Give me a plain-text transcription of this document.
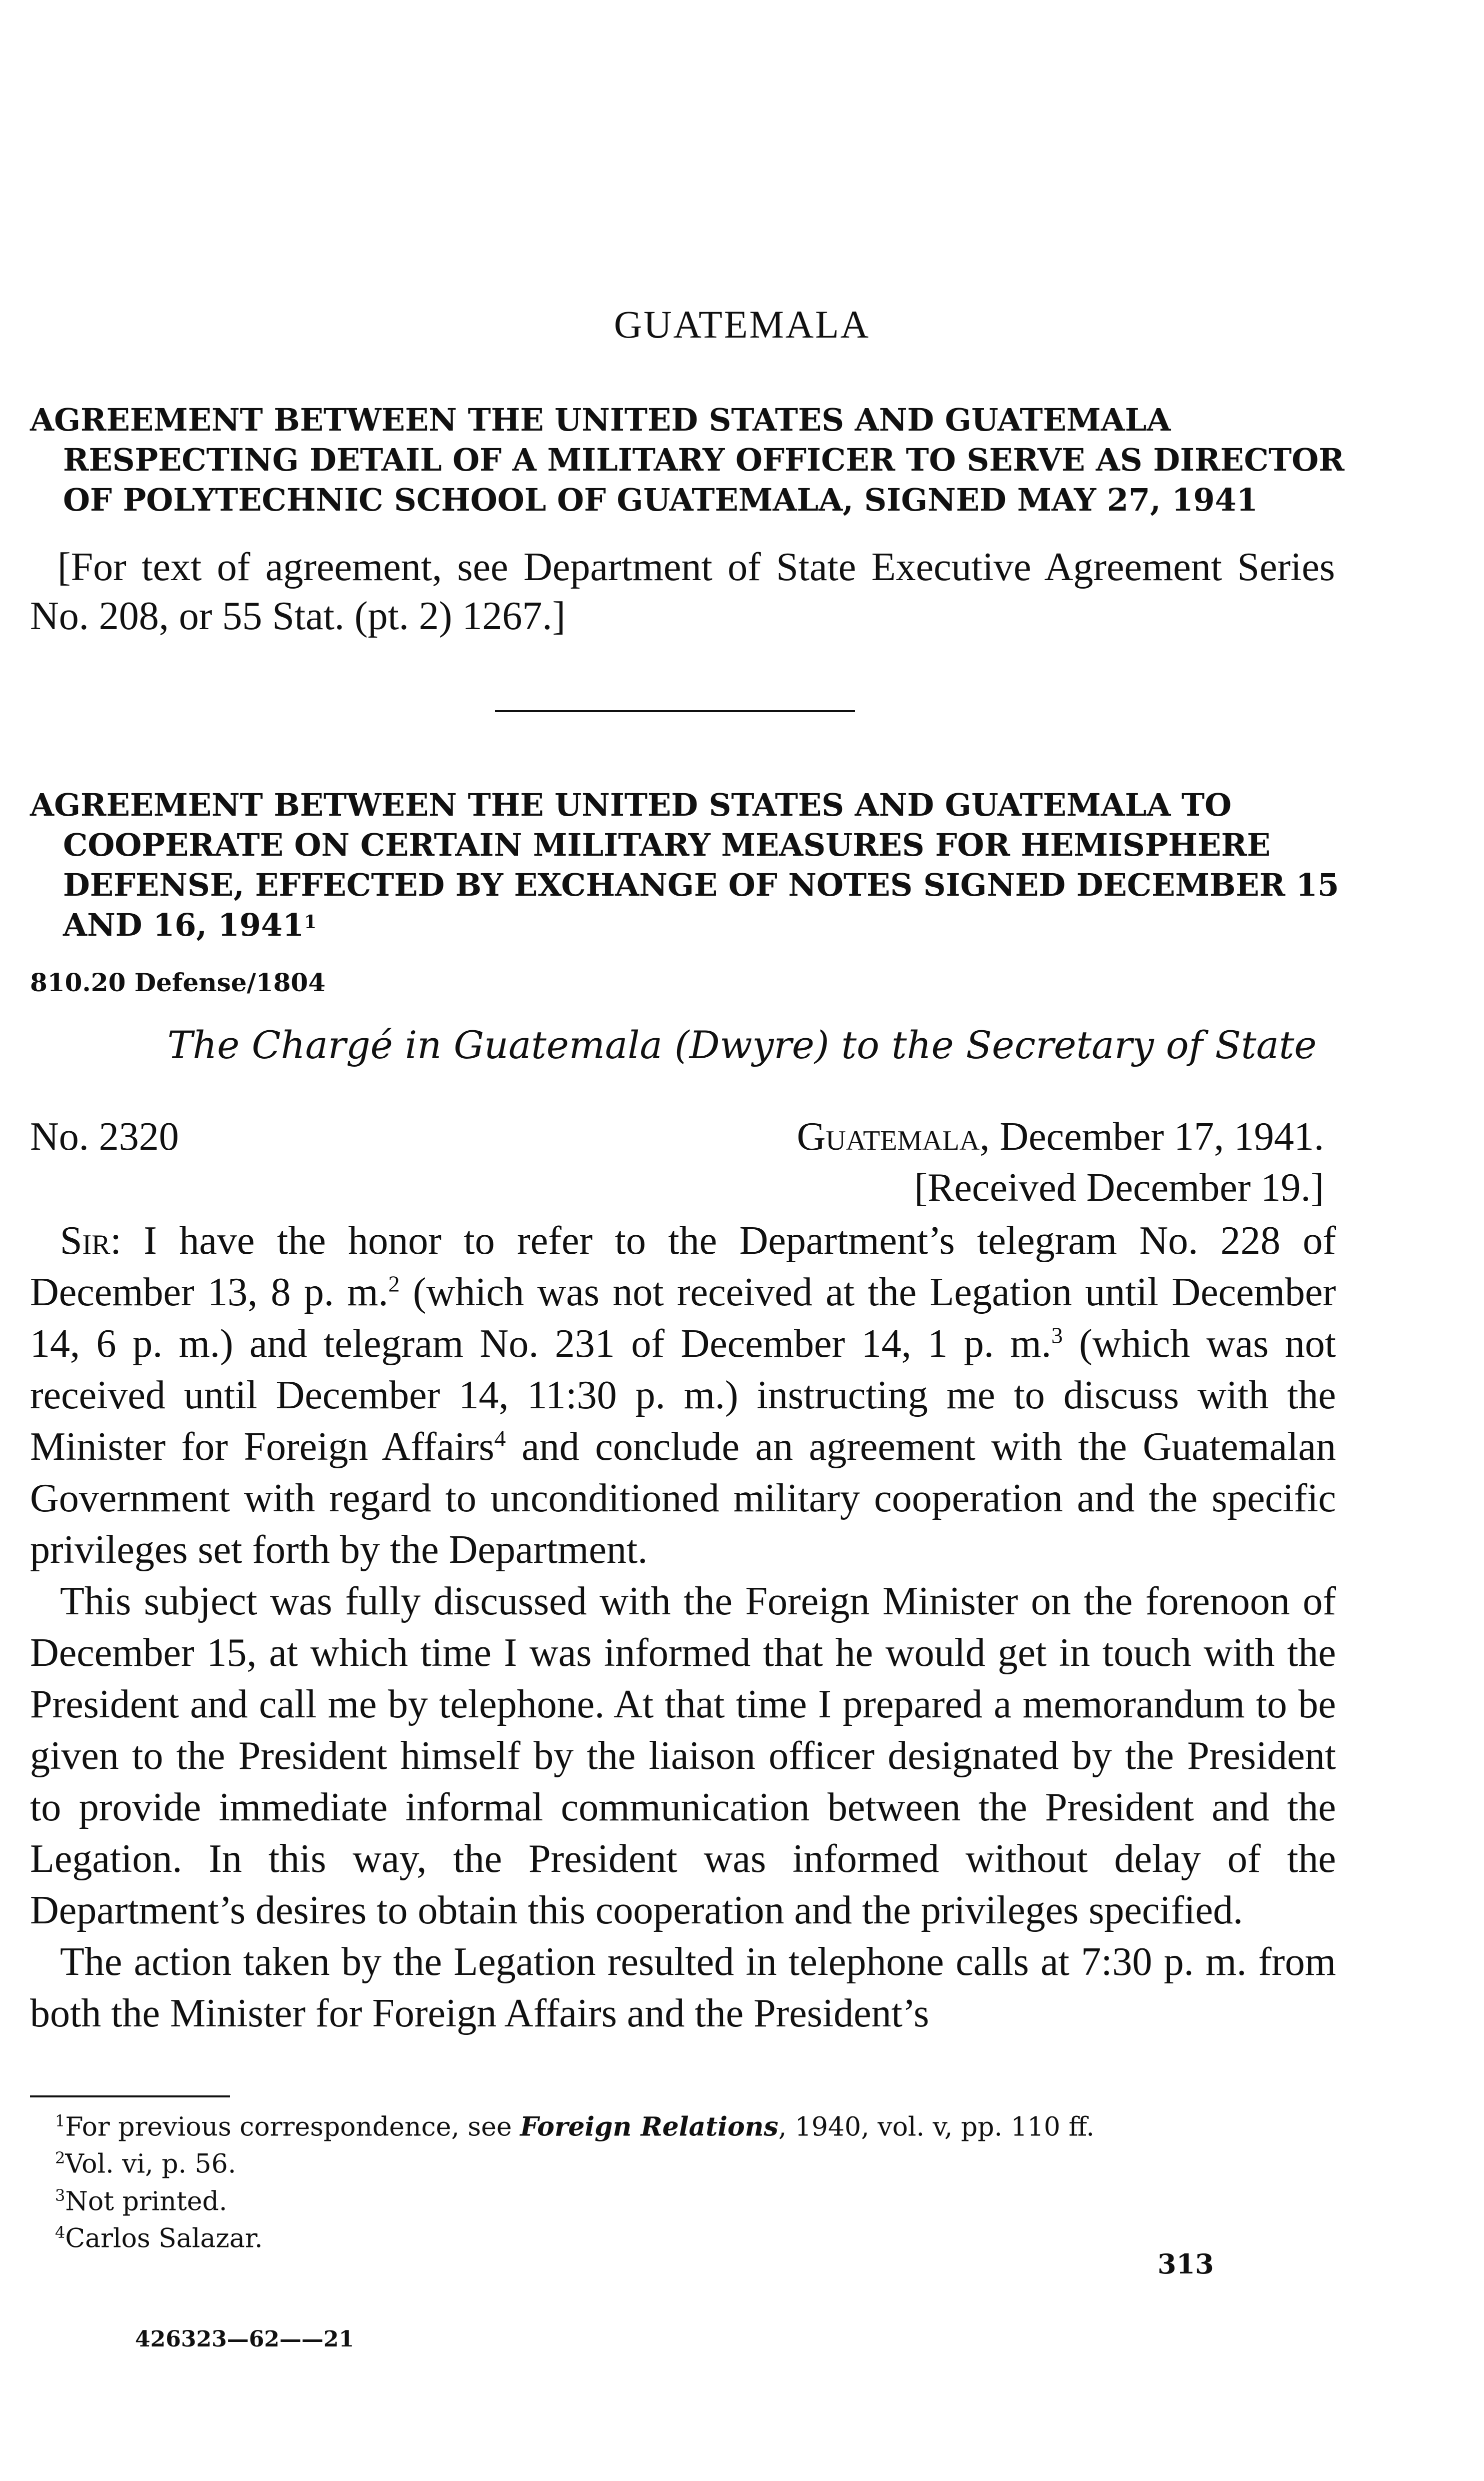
GUATEMALA
AGREEMENT BETWEEN THE UNITED STATES AND GUATEMALA RESPECTING DETAIL OF A MILITARY OFFICER TO SERVE AS DIRECTOR OF POLYTECHNIC SCHOOL OF GUATEMALA, SIGNED MAY 27, 1941
[For text of agreement, see Department of State Executive Agreement Series No. 208, or 55 Stat. (pt. 2) 1267.]
AGREEMENT BETWEEN THE UNITED STATES AND GUATEMALA TO COOPERATE ON CERTAIN MILITARY MEASURES FOR HEMISPHERE DEFENSE, EFFECTED BY EXCHANGE OF NOTES SIGNED DECEMBER 15 AND 16, 1941$^1$
810.20 Defense/1804
The Chargé in Guatemala (Dwyre) to the Secretary of State
No. 2320	Guatemala, December 17, 1941.
[Received December 19.]

Sir: I have the honor to refer to the Department’s telegram No. 228 of December 13, 8 p. m.$^2$ (which was not received at the Legation until December 14, 6 p. m.) and telegram No. 231 of December 14, 1 p. m.$^3$ (which was not received until December 14, 11:30 p. m.) instructing me to discuss with the Minister for Foreign Affairs$^4$ and conclude an agreement with the Guatemalan Government with regard to unconditioned military cooperation and the specific privileges set forth by the Department.

This subject was fully discussed with the Foreign Minister on the forenoon of December 15, at which time I was informed that he would get in touch with the President and call me by telephone. At that time I prepared a memorandum to be given to the President himself by the liaison officer designated by the President to provide immediate informal communication between the President and the Legation. In this way, the President was informed without delay of the Department’s desires to obtain this cooperation and the privileges specified.

The action taken by the Legation resulted in telephone calls at 7:30 p. m. from both the Minister for Foreign Affairs and the President’s

$^1$For previous correspondence, see Foreign Relations, 1940, vol. v, pp. 110 ff.
$^2$Vol. vi, p. 56.
$^3$Not printed.
$^4$Carlos Salazar.
313
426323—62——21
